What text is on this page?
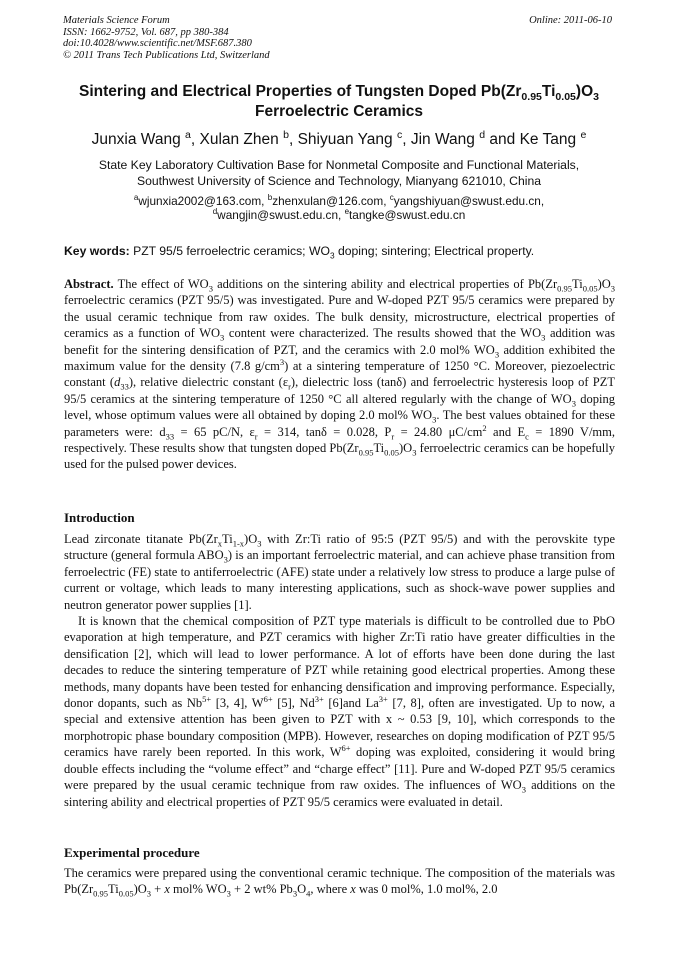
Materials Science Forum
ISSN: 1662-9752, Vol. 687, pp 380-384
doi:10.4028/www.scientific.net/MSF.687.380
© 2011 Trans Tech Publications Ltd, Switzerland
Online: 2011-06-10
Sintering and Electrical Properties of Tungsten Doped $Pb(Zr_{0.95}Ti_{0.05})O_3$
Ferroelectric Ceramics
Junxia Wang $^a$, Xulan Zhen $^b$, Shiyuan Yang $^c$, Jin Wang $^d$ and Ke Tang $^e$
State Key Laboratory Cultivation Base for Nonmetal Composite and Functional Materials,
Southwest University of Science and Technology, Mianyang 621010, China
$^a$wjunxia2002@163.com, $^b$zhenxulan@126.com, $^c$yangshiyuan@swust.edu.cn,
$^d$wangjin@swust.edu.cn, $^e$tangke@swust.edu.cn
Key words: PZT 95/5 ferroelectric ceramics; $WO_3$ doping; sintering; Electrical property.

Abstract. The effect of $WO_3$ additions on the sintering ability and electrical properties of $Pb(Zr_{0.95}Ti_{0.05})O_3$ ferroelectric ceramics (PZT 95/5) was investigated. Pure and W-doped PZT 95/5 ceramics were prepared by the usual ceramic technique from raw oxides. The bulk density, microstructure, electrical properties of ceramics as a function of $WO_3$ content were characterized. The results showed that the $WO_3$ addition was benefit for the sintering densification of PZT, and the ceramics with 2.0 mol% $WO_3$ addition exhibited the maximum value for the density (7.8 $g/cm^3$) at a sintering temperature of 1250 °C. Moreover, piezoelectric constant $(d_{33})$, relative dielectric constant $(\varepsilon_r)$, dielectric loss (tanδ) and ferroelectric hysteresis loop of PZT 95/5 ceramics at the sintering temperature of 1250 °C all altered regularly with the change of $WO_3$ doping level, whose optimum values were all obtained by doping 2.0 mol% $WO_3$. The best values obtained for these parameters were: $d_{33} = 65$ pC/N, $\varepsilon_r = 314$, tanδ = 0.028, $P_r = 24.80$ $\mu C/cm^2$ and $E_c = 1890$ V/mm, respectively. These results show that tungsten doped $Pb(Zr_{0.95}Ti_{0.05})O_3$ ferroelectric ceramics can be hopefully used for the pulsed power devices.

Introduction

Lead zirconate titanate $Pb(Zr_xTi_{1-x})O_3$ with Zr:Ti ratio of 95:5 (PZT 95/5) and with the perovskite type structure (general formula $ABO_3$) is an important ferroelectric material, and can achieve phase transition from ferroelectric (FE) state to antiferroelectric (AFE) state under a relatively low stress to produce a large pulse of current or voltage, which leads to many interesting applications, such as shock-wave power supplies and neutron generator power supplies [1].

It is known that the chemical composition of PZT type materials is difficult to be controlled due to PbO evaporation at high temperature, and PZT ceramics with higher Zr:Ti ratio have greater difficulties in the densification [2], which will lead to lower performance. A lot of efforts have been done during the last decades to reduce the sintering temperature of PZT while retaining good electrical properties. Among these methods, many dopants have been tested for enhancing densification and improving performance. Especially, donor dopants, such as $Nb^{5+}$ [3, 4], $W^{6+}$ [5], $Nd^{3+}$ [6]and $La^{3+}$ [7, 8], often are investigated. Up to now, a special and extensive attention has been given to PZT with x ~ 0.53 [9, 10], which corresponds to the morphotropic phase boundary composition (MPB). However, researches on doping modification of PZT 95/5 ceramics have rarely been reported. In this work, $W^{6+}$ doping was exploited, considering it would bring double effects including the “volume effect” and “charge effect” [11]. Pure and W-doped PZT 95/5 ceramics were prepared by the usual ceramic technique from raw oxides. The influences of $WO_3$ additions on the sintering ability and electrical properties of PZT 95/5 ceramics were evaluated in detail.

Experimental procedure

The ceramics were prepared using the conventional ceramic technique. The composition of the materials was $Pb(Zr_{0.95}Ti_{0.05})O_3 + x$ mol% $WO_3 + 2$ wt% $Pb_3O_4$, where x was 0 mol%, 1.0 mol%, 2.0
